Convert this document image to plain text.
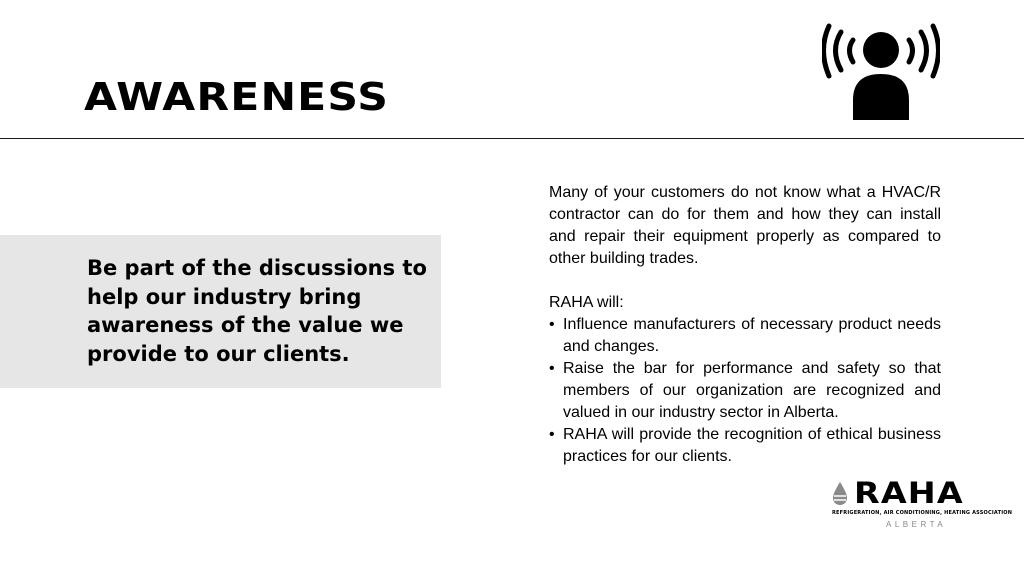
AWARENESS

Be part of the discussions to help our industry bring awareness of the value we provide to our clients.

Many of your customers do not know what a HVAC/R contractor can do for them and how they can install and repair their equipment properly as compared to other building trades.

RAHA will:

• Influence manufacturers of necessary product needs and changes.
• Raise the bar for performance and safety so that members of our organization are recognized and valued in our industry sector in Alberta.
• RAHA will provide the recognition of ethical business practices for our clients.
RAHA
REFRIGERATION, AIR CONDITIONING, HEATING ASSOCIATION
ALBERTA
